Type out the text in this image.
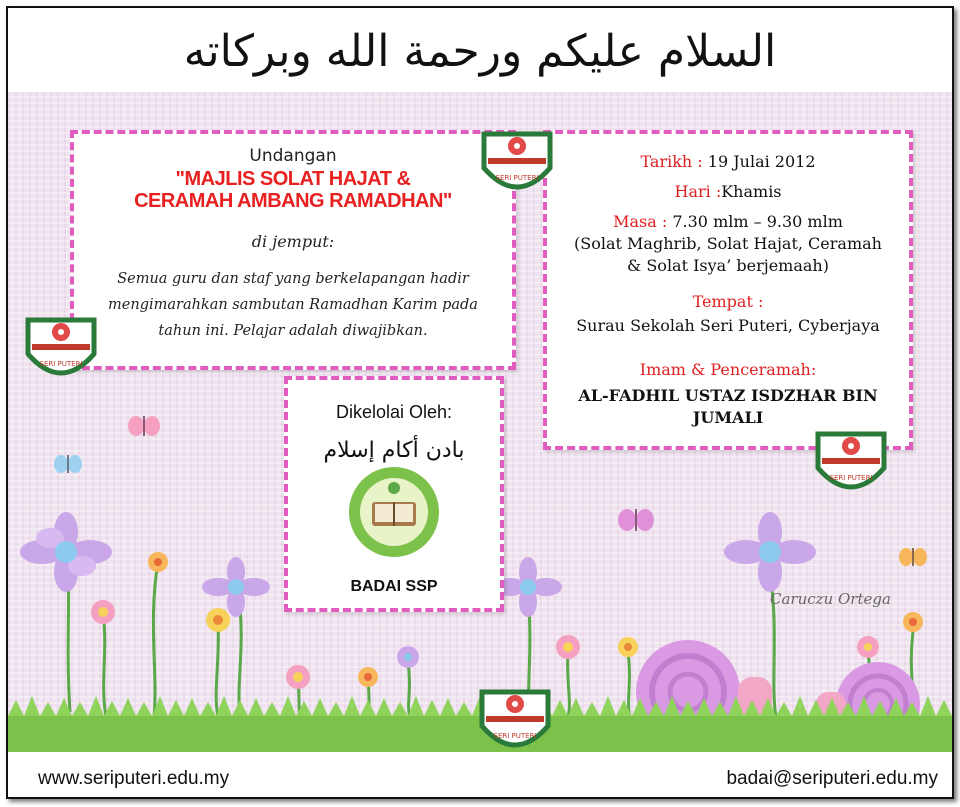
السلام عليكم ورحمة الله وبركاته
Caruczu Ortega
Undangan
"MAJLIS SOLAT HAJAT &
CERAMAH AMBANG RAMADHAN"
di jemput:
Semua guru dan staf yang berkelapangan hadir
mengimarahkan sambutan Ramadhan Karim pada
tahun ini. Pelajar adalah diwajibkan.
Tarikh : 19 Julai 2012
Hari :Khamis
Masa : 7.30 mlm – 9.30 mlm
(Solat Maghrib, Solat Hajat, Ceramah
& Solat Isya’ berjemaah)
Tempat :
Surau Sekolah Seri Puteri, Cyberjaya
Imam & Penceramah:
AL-FADHIL USTAZ ISDZHAR BIN
JUMALI
Dikelolai Oleh:
بادن أکام إسلام
BADAI SSP
SERI PUTERI
SERI PUTERI
SERI PUTERI
SERI PUTERI
www.seriputeri.edu.my	badai@seriputeri.edu.my
